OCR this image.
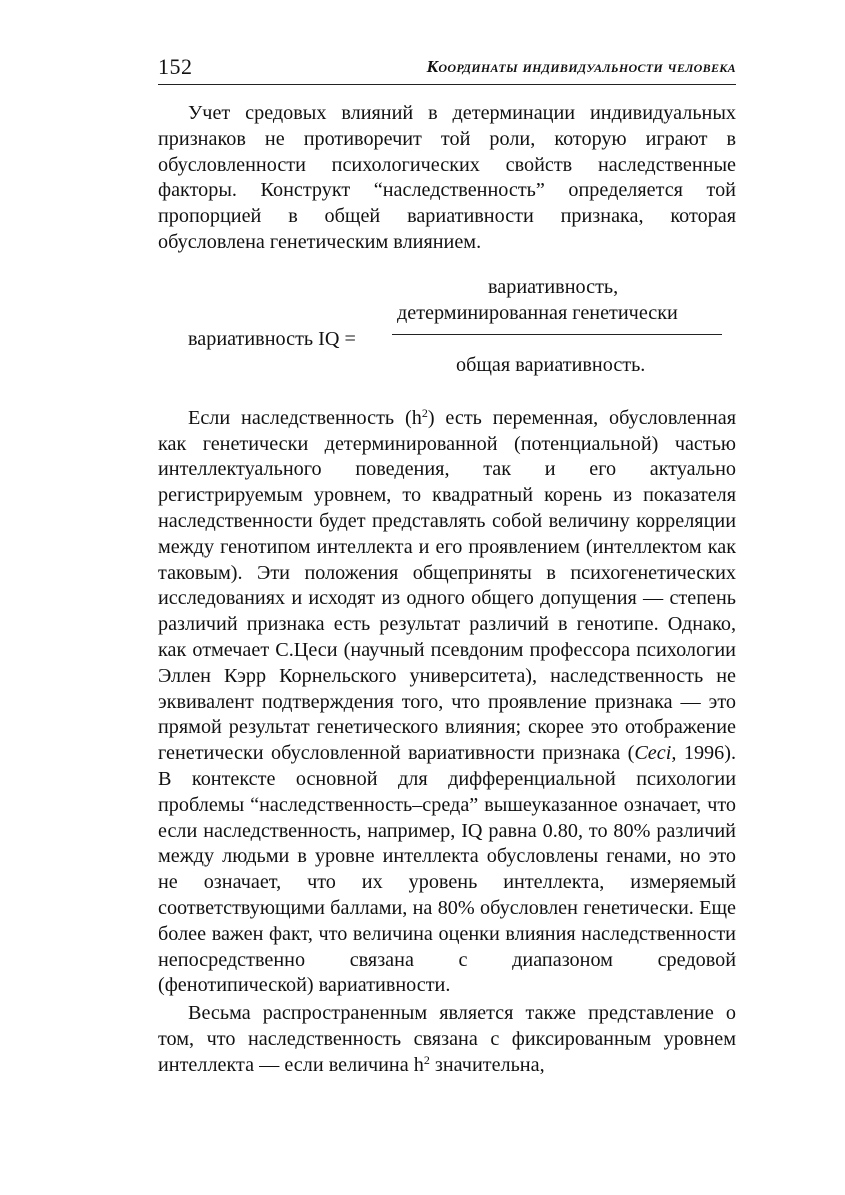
152	Координаты индивидуальности человека

Учет средовых влияний в детерминации индивидуальных признаков не противоречит той роли, которую играют в обусловленности психологических свойств наследственные факторы. Конструкт “наследственность” определяется той пропорцией в общей вариативности признака, которая обусловлена генетическим влиянием.

вариативность,
детерминированная генетически
вариативность IQ =
общая вариативность.

Если наследственность $(h^2)$ есть переменная, обусловленная как генетически детерминированной (потенциальной) частью интеллектуального поведения, так и его актуально регистрируемым уровнем, то квадратный корень из показателя наследственности будет представлять собой величину корреляции между генотипом интеллекта и его проявлением (интеллектом как таковым). Эти положения общеприняты в психогенетических исследованиях и исходят из одного общего допущения — степень различий признака есть результат различий в генотипе. Однако, как отмечает С.Цеси (научный псевдоним профессора психологии Эллен Кэрр Корнельского университета), наследственность не эквивалент подтверждения того, что проявление признака — это прямой результат генетического влияния; скорее это отображение генетически обусловленной вариативности признака (Ceci, 1996). В контексте основной для дифференциальной психологии проблемы “наследственность–среда” вышеуказанное означает, что если наследственность, например, IQ равна 0.80, то 80% различий между людьми в уровне интеллекта обусловлены генами, но это не означает, что их уровень интеллекта, измеряемый соответствующими баллами, на 80% обусловлен генетически. Еще более важен факт, что величина оценки влияния наследственности непосредственно связана с диапазоном средовой (фенотипической) вариативности.

Весьма распространенным является также представление о том, что наследственность связана с фиксированным уровнем интеллекта — если величина $h^2$ значительна,
